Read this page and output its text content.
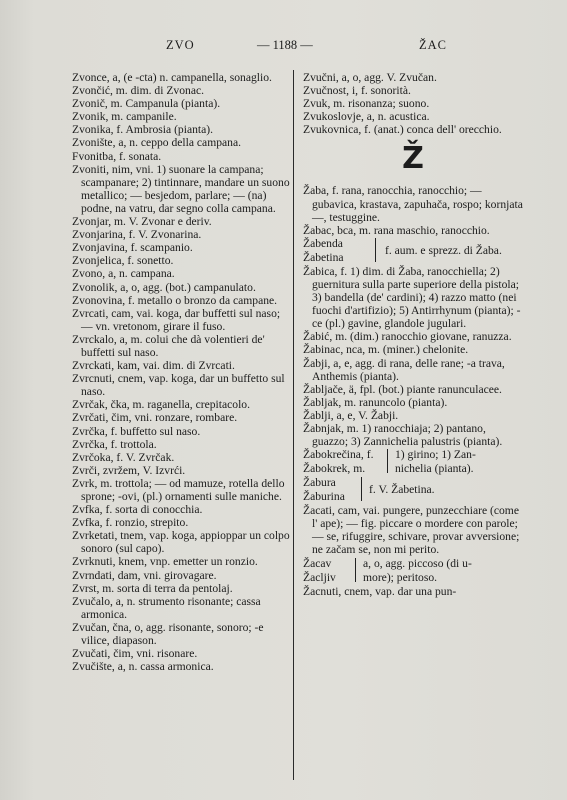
ZVO	— 1188 —	ŽAC
Zvonce, a, (e -cta) n. campanella, sonaglio.
Zvončić, m. dim. di Zvonac.
Zvonič, m. Campanula (pianta).
Zvonik, m. campanile.
Zvonika, f. Ambrosia (pianta).
Zvonište, a, n. ceppo della campana.
Fvonitba, f. sonata.
Zvoniti, nim, vni. 1) suonare la campana; scampanare; 2) tintinnare, mandare un suono metallico; — besjedom, parlare; — (na) podne, na vatru, dar segno colla campana.
Zvonjar, m. V. Zvonar e deriv.
Zvonjarina, f. V. Zvonarina.
Zvonjavina, f. scampanio.
Zvonjelica, f. sonetto.
Zvono, a, n. campana.
Zvonolik, a, o, agg. (bot.) campanulato.
Zvonovina, f. metallo o bronzo da campane.
Zvrcati, cam, vai. koga, dar buffetti sul naso; — vn. vretonom, girare il fuso.
Zvrckalo, a, m. colui che dà volentieri de' buffetti sul naso.
Zvrckati, kam, vai. dim. di Zvrcati.
Zvrcnuti, cnem, vap. koga, dar un buffetto sul naso.
Zvrčak, čka, m. raganella, crepitacolo.
Zvrčati, čim, vni. ronzare, rombare.
Zvrčka, f. buffetto sul naso.
Zvrčka, f. trottola.
Zvrčoka, f. V. Zvrčak.
Zvrči, zvržem, V. Izvrći.
Zvrk, m. trottola; — od mamuze, rotella dello sprone; -ovi, (pl.) ornamenti sulle maniche.
Zvfka, f. sorta di conocchia.
Zvfka, f. ronzio, strepito.
Zvrketati, tnem, vap. koga, appioppar un colpo sonoro (sul capo).
Zvrknuti, knem, vnp. emetter un ronzio.
Zvrndati, dam, vni. girovagare.
Zvrst, m. sorta di terra da pentolaj.
Zvučalo, a, n. strumento risonante; cassa armonica.
Zvučan, čna, o, agg. risonante, sonoro; -e vilice, diapason.
Zvučati, čim, vni. risonare.
Zvučište, a, n. cassa armonica.
Zvučni, a, o, agg. V. Zvučan.
Zvučnost, i, f. sonorità.
Zvuk, m. risonanza; suono.
Zvukoslovje, a, n. acustica.
Zvukovnica, f. (anat.) conca dell' orecchio.
Ž
Žaba, f. rana, ranocchia, ranocchio; — gubavica, krastava, zapuhača, rospo; kornjata —, testuggine.
Žabac, bca, m. rana maschio, ranocchio.
Žabenda
Žabetina
f. aum. e sprezz. di Žaba.
Žabica, f. 1) dim. di Žaba, ranocchiella; 2) guernitura sulla parte superiore della pistola; 3) bandella (de' cardini); 4) razzo matto (nei fuochi d'artifizio); 5) Antirrhynum (pianta); -ce (pl.) gavine, glandole jugulari.
Žabić, m. (dim.) ranocchio giovane, ranuzza.
Žabinac, nca, m. (miner.) chelonite.
Žabji, a, e, agg. di rana, delle rane; -a trava, Anthemis (pianta).
Žabljače, ä, fpl. (bot.) piante ranunculacee.
Žabljak, m. ranuncolo (pianta).
Žablji, a, e, V. Žabji.
Žabnjak, m. 1) ranocchiaja; 2) pantano, guazzo; 3) Zannichelia palustris (pianta).
Žabokrečina, f.
Žabokrek, m.
1) girino; 1) Zan-
nichelia (pianta).
Žabura
Žaburina
f. V. Žabetina.
Žacati, cam, vai. pungere, punzecchiare (come l' ape); — fig. piccare o mordere con parole; — se, rifuggire, schivare, provar avversione; ne začam se, non mi perito.
Žacav
Žacljiv
a, o, agg. piccoso (di u-
more); peritoso.
Žacnuti, cnem, vap. dar una pun-
